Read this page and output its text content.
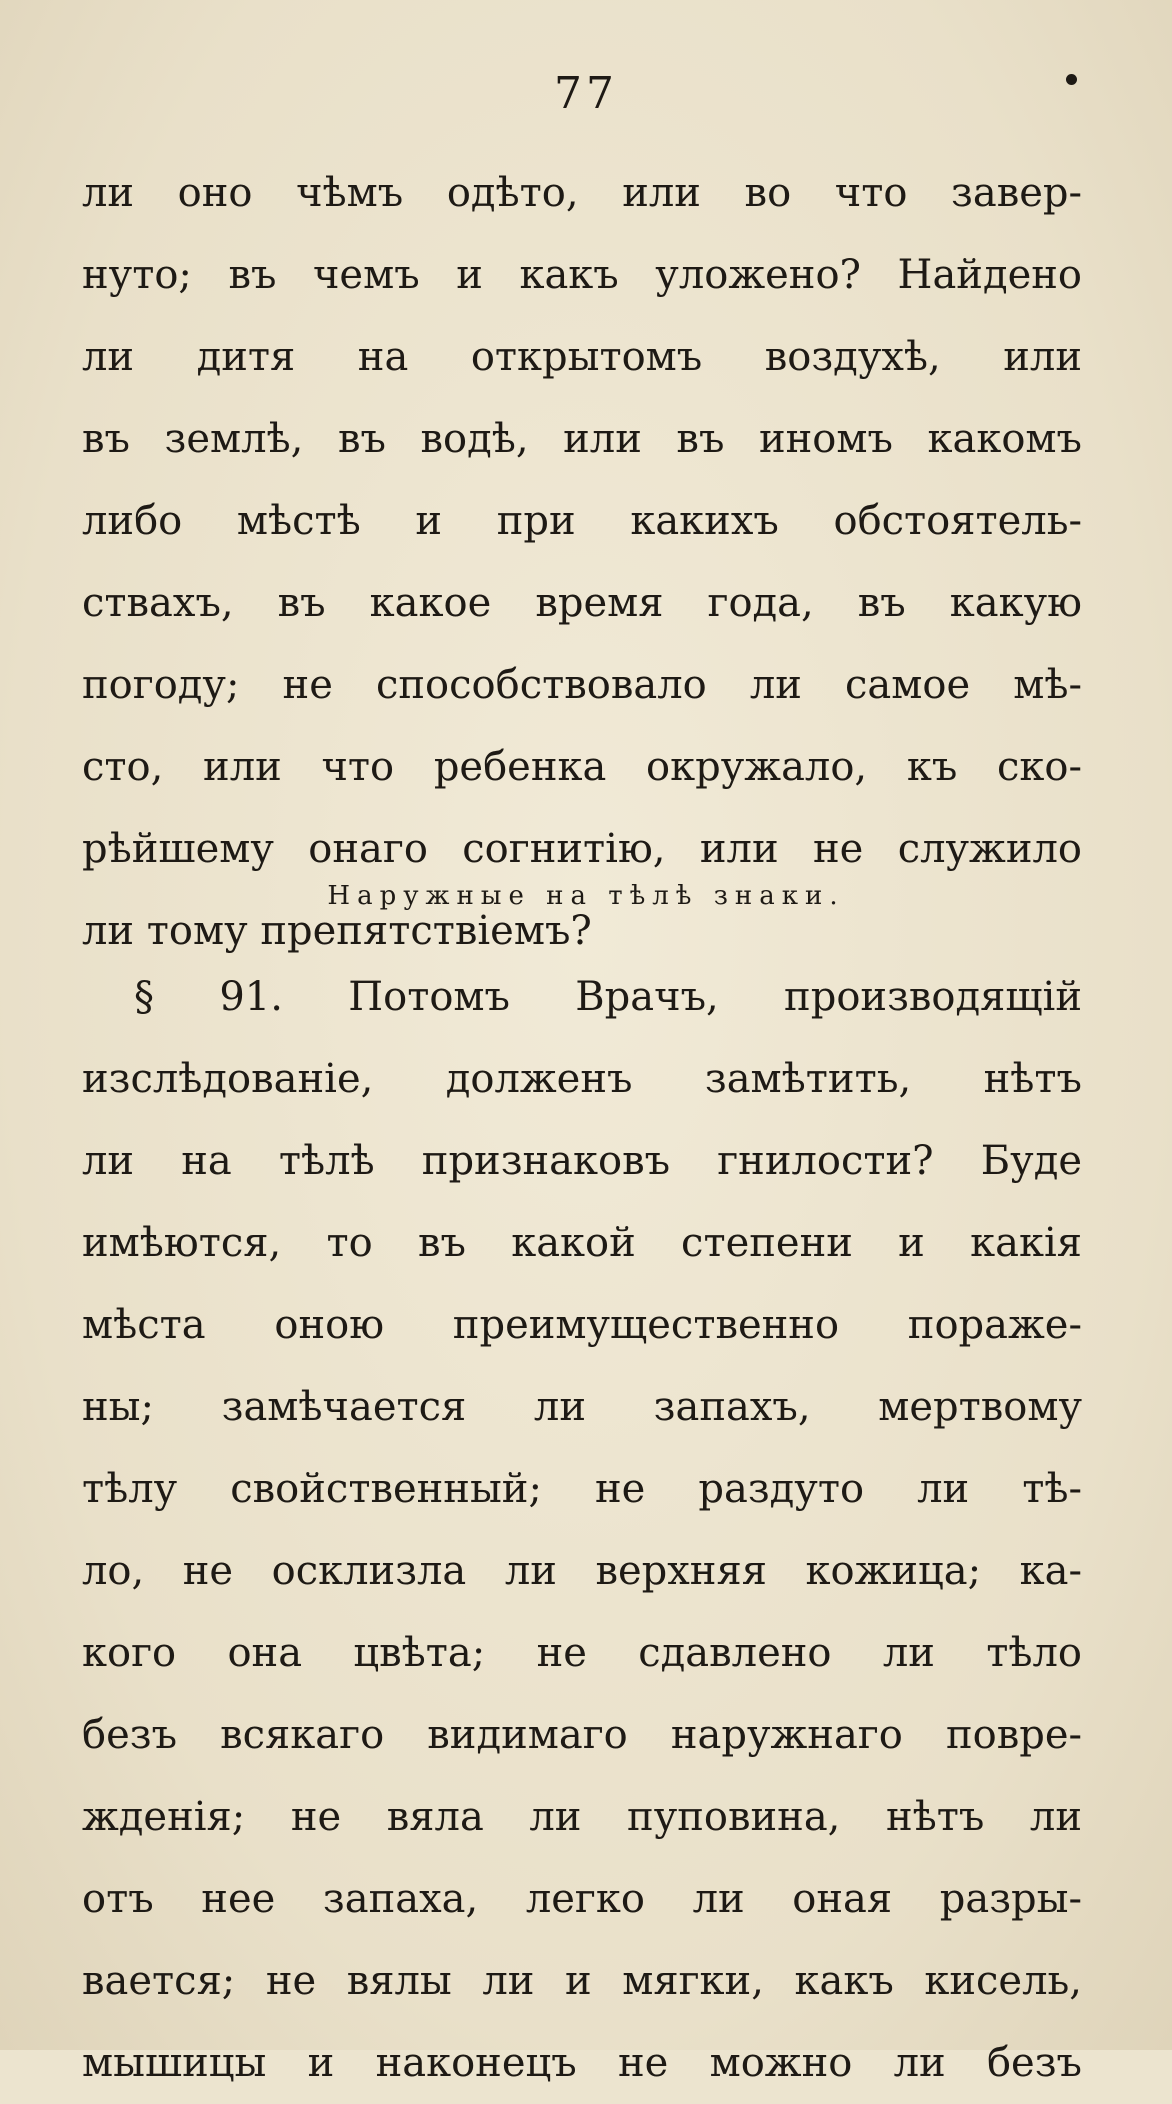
77
ли оно чѣмъ одѣто, или во что завер-
нуто; въ чемъ и какъ уложено? Найдено
ли дитя на открытомъ воздухѣ, или
въ землѣ, въ водѣ, или въ иномъ какомъ
либо мѣстѣ и при какихъ обстоятель-
ствахъ, въ какое время года, въ какую
погоду; не способствовало ли самое мѣ-
сто, или что ребенка окружало, къ ско-
рѣйшему онаго согнитію, или не служило
ли тому препятствіемъ?
Наружные на тѣлѣ знаки.
§ 91. Потомъ Врачъ, производящій
изслѣдованіе, долженъ замѣтить, нѣтъ
ли на тѣлѣ признаковъ гнилости? Буде
имѣются, то въ какой степени и какія
мѣста оною преимущественно пораже-
ны; замѣчается ли запахъ, мертвому
тѣлу свойственный; не раздуто ли тѣ-
ло, не осклизла ли верхняя кожица; ка-
кого она цвѣта; не сдавлено ли тѣло
безъ всякаго видимаго наружнаго повре-
жденія; не вяла ли пуповина, нѣтъ ли
отъ нее запаха, легко ли оная разры-
вается; не вялы ли и мягки, какъ кисель,
мышицы и наконецъ не можно ли безъ
